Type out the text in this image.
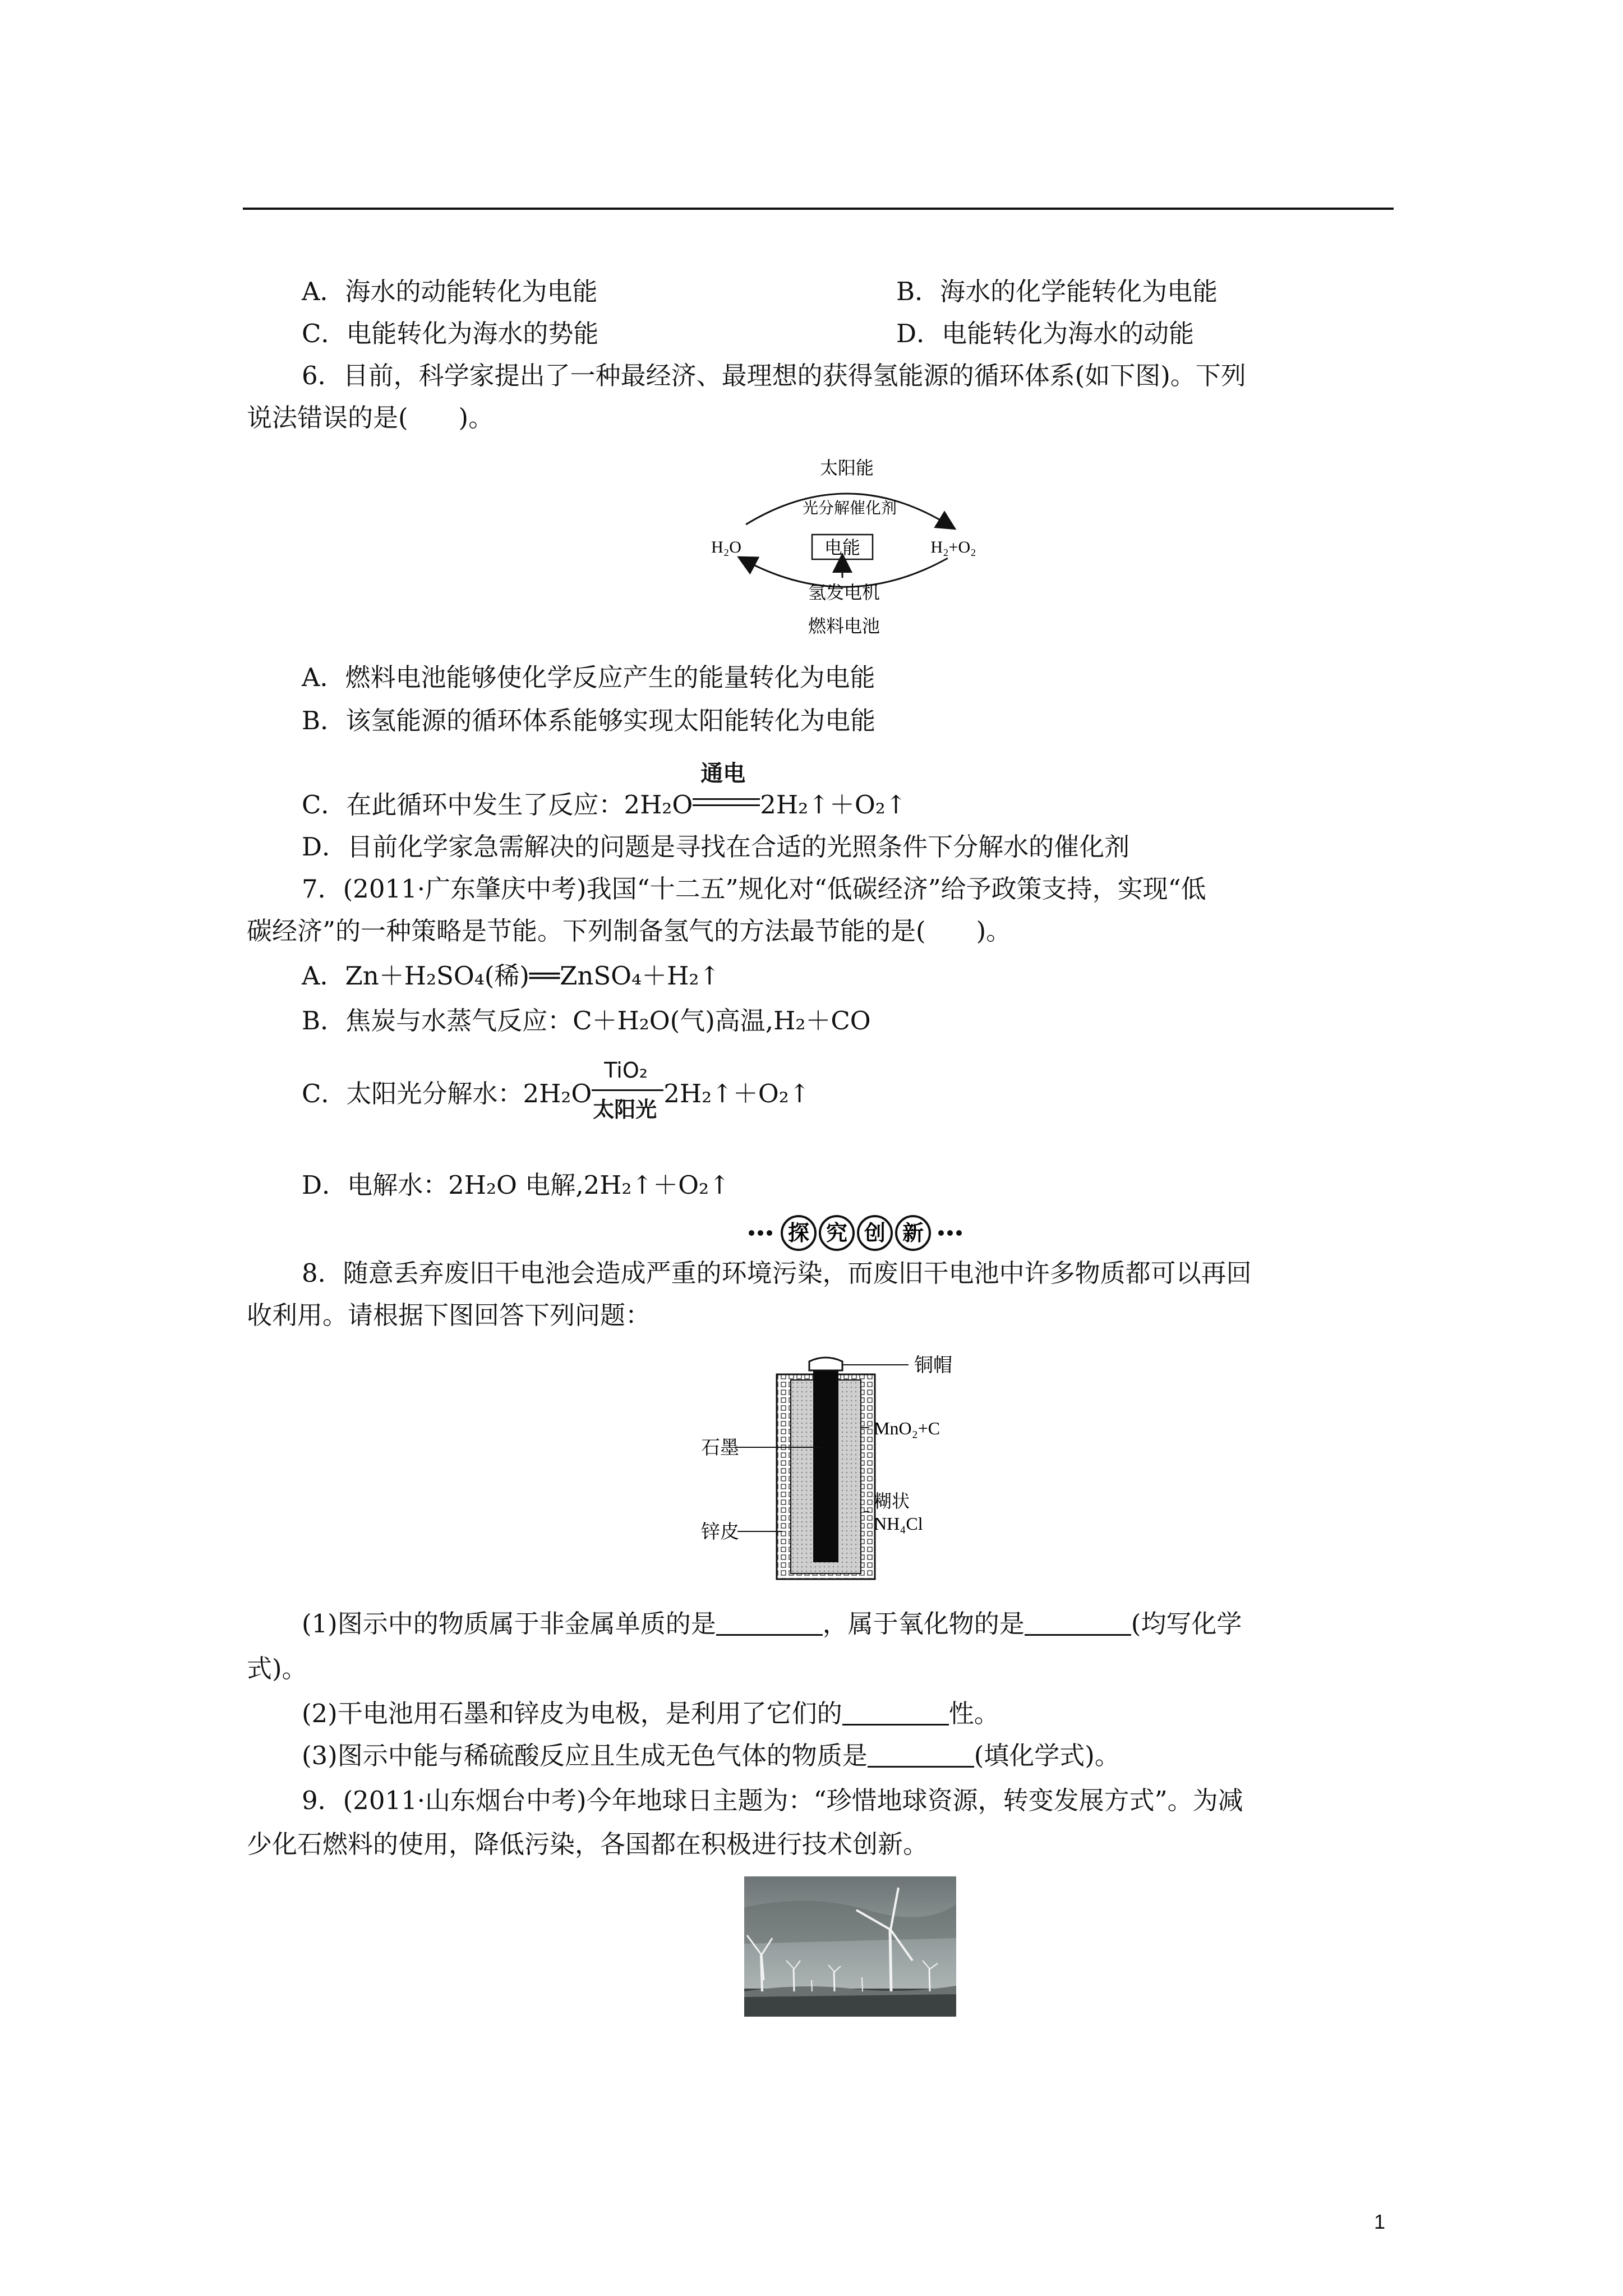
A．海水的动能转化为电能	B．海水的化学能转化为电能
C．电能转化为海水的势能	D．电能转化为海水的动能
6．目前，科学家提出了一种最经济、最理想的获得氢能源的循环体系(如下图)。下列
说法错误的是(　　)。
太阳能
光分解催化剂
H₂O	电能	H₂+O₂
氢发电机
燃料电池
A．燃料电池能够使化学反应产生的能量转化为电能
B．该氢能源的循环体系能够实现太阳能转化为电能
C．在此循环中发生了反应：2H₂O
通电
2H₂↑＋O₂↑
D．目前化学家急需解决的问题是寻找在合适的光照条件下分解水的催化剂
7．(2011·广东肇庆中考)我国“十二五”规化对“低碳经济”给予政策支持，实现“低
碳经济”的一种策略是节能。下列制备氢气的方法最节能的是(　　)。
A．Zn＋H₂SO₄(稀)══ZnSO₄＋H₂↑
B．焦炭与水蒸气反应：C＋H₂O(气)高温,H₂＋CO
C．太阳光分解水：2H₂O
TiO₂
太阳光
2H₂↑＋O₂↑
D．电解水：2H₂O 电解,2H₂↑＋O₂↑
探 究 创 新
8．随意丢弃废旧干电池会造成严重的环境污染，而废旧干电池中许多物质都可以再回
收利用。请根据下图回答下列问题：
铜帽
MnO₂+C
石墨
糊状
NH₄Cl
锌皮
(1)图示中的物质属于非金属单质的是	，属于氧化物的是	(均写化学
式)。
(2)干电池用石墨和锌皮为电极，是利用了它们的	性。
(3)图示中能与稀硫酸反应且生成无色气体的物质是	(填化学式)。
9．(2011·山东烟台中考)今年地球日主题为：“珍惜地球资源，转变发展方式”。为减
少化石燃料的使用，降低污染，各国都在积极进行技术创新。
1
